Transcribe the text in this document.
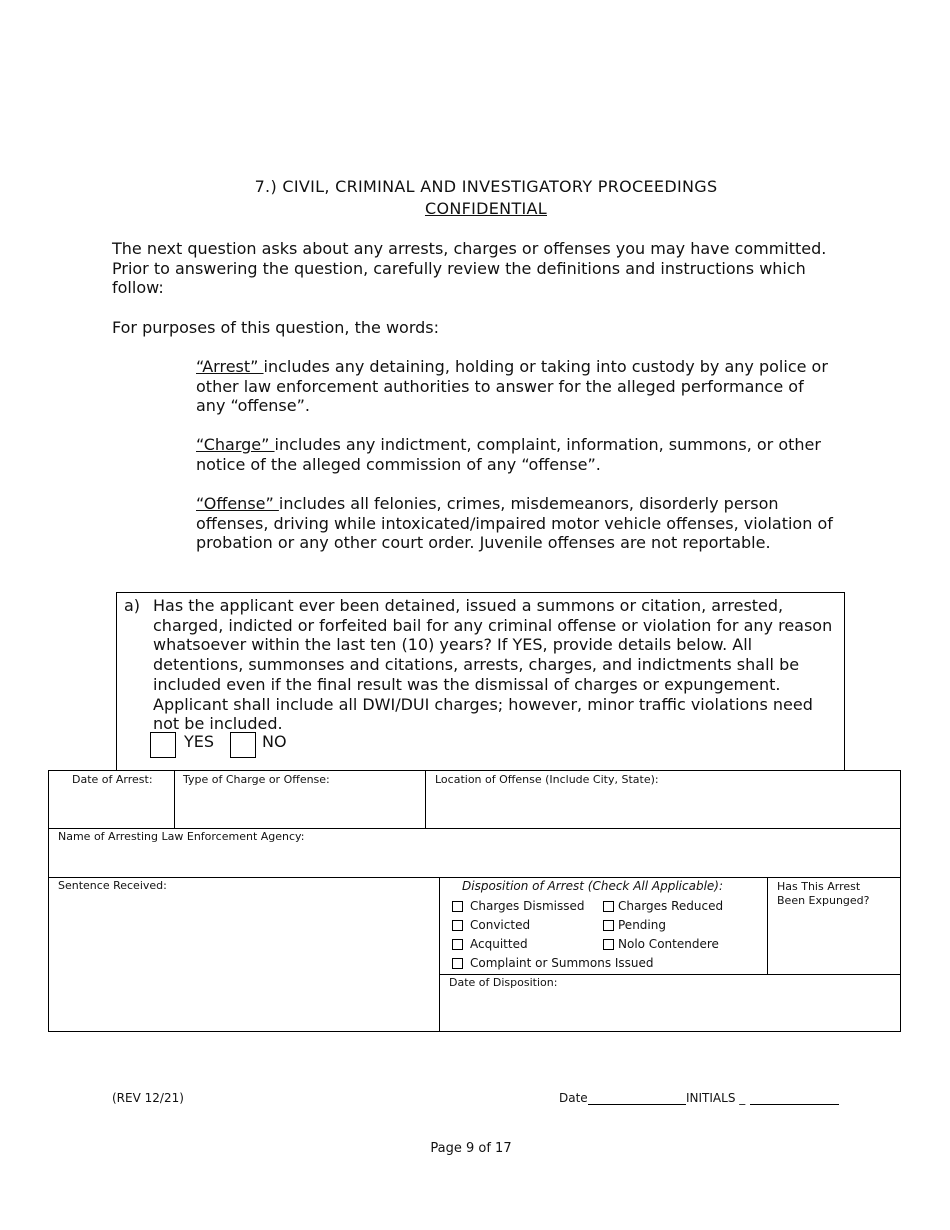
7.) CIVIL, CRIMINAL AND INVESTIGATORY PROCEEDINGS
CONFIDENTIAL
The next question asks about any arrests, charges or offenses you may have committed.
Prior to answering the question, carefully review the definitions and instructions which
follow:
For purposes of this question, the words:
“Arrest” includes any detaining, holding or taking into custody by any police or other law enforcement authorities to answer for the alleged performance of any “offense”.
“Charge” includes any indictment, complaint, information, summons, or other notice of the alleged commission of any “offense”.
“Offense” includes all felonies, crimes, misdemeanors, disorderly person offenses, driving while intoxicated/impaired motor vehicle offenses, violation of probation or any other court order. Juvenile offenses are not reportable.
a) Has the applicant ever been detained, issued a summons or citation, arrested, charged, indicted or forfeited bail for any criminal offense or violation for any reason whatsoever within the last ten (10) years? If YES, provide details below. All detentions, summonses and citations, arrests, charges, and indictments shall be included even if the final result was the dismissal of charges or expungement. Applicant shall include all DWI/DUI charges; however, minor traffic violations need not be included.
YES	NO
Date of Arrest:	Type of Charge or Offense:	Location of Offense (Include City, State):
Name of Arresting Law Enforcement Agency:
Sentence Received:	Disposition of Arrest (Check All Applicable):
Charges Dismissed	Charges Reduced
Convicted	Pending
Acquitted	Nolo Contendere
Complaint or Summons Issued
Has This Arrest
Been Expunged?
Date of Disposition:
(REV 12/21)	Date	INITIALS _
Page 9 of 17
